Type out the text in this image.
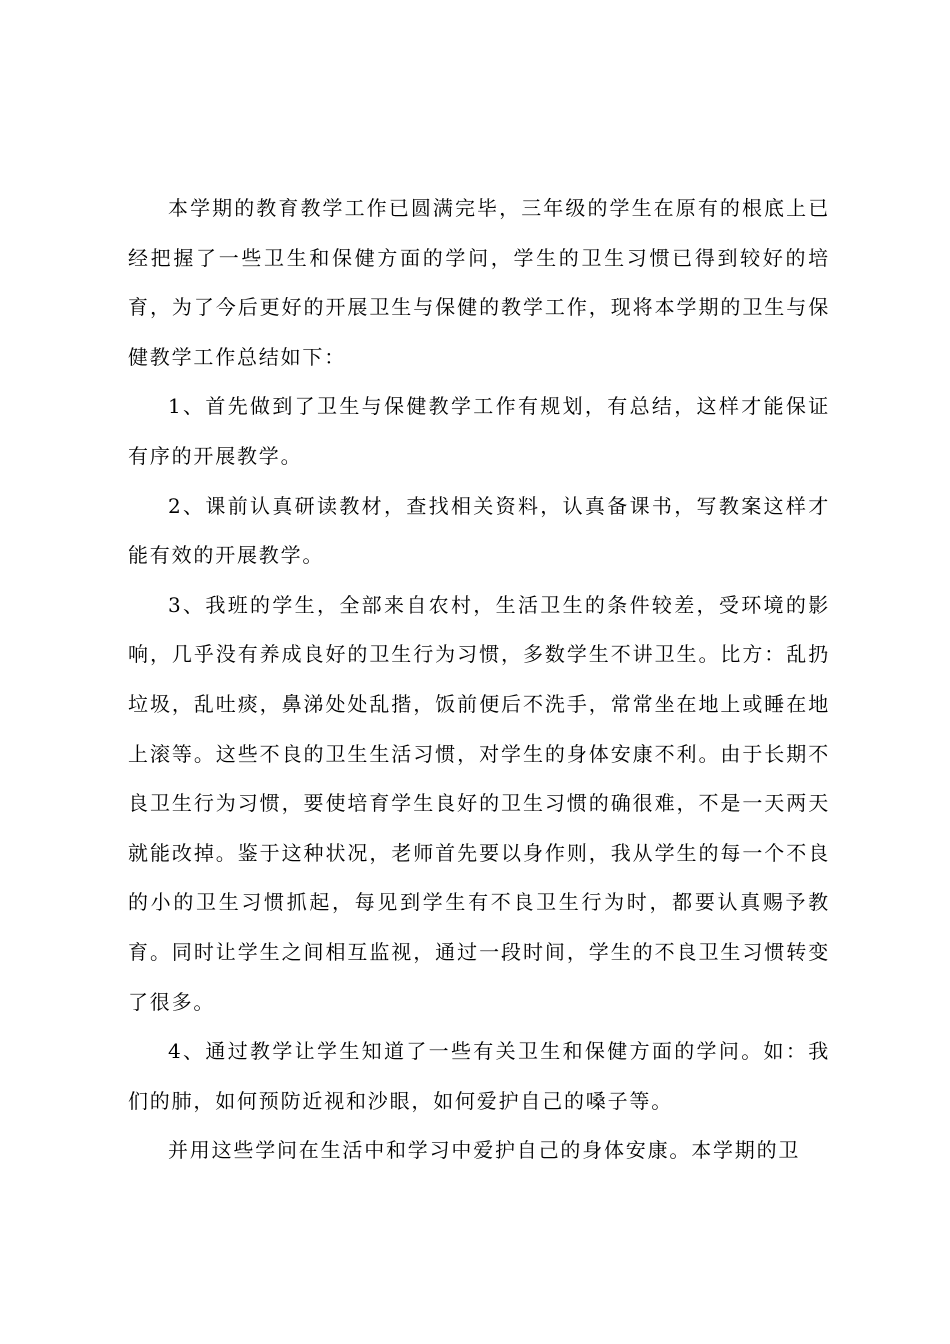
本学期的教育教学工作已圆满完毕，三年级的学生在原有的根底上已经把握了一些卫生和保健方面的学问，学生的卫生习惯已得到较好的培育，为了今后更好的开展卫生与保健的教学工作，现将本学期的卫生与保健教学工作总结如下：

1、首先做到了卫生与保健教学工作有规划，有总结，这样才能保证有序的开展教学。

2、课前认真研读教材，查找相关资料，认真备课书，写教案这样才能有效的开展教学。

3、我班的学生，全部来自农村，生活卫生的条件较差，受环境的影响，几乎没有养成良好的卫生行为习惯，多数学生不讲卫生。比方：乱扔垃圾，乱吐痰，鼻涕处处乱揩，饭前便后不洗手，常常坐在地上或睡在地上滚等。这些不良的卫生生活习惯，对学生的身体安康不利。由于长期不良卫生行为习惯，要使培育学生良好的卫生习惯的确很难，不是一天两天就能改掉。鉴于这种状况，老师首先要以身作则，我从学生的每一个不良的小的卫生习惯抓起，每见到学生有不良卫生行为时，都要认真赐予教育。同时让学生之间相互监视，通过一段时间，学生的不良卫生习惯转变了很多。

4、通过教学让学生知道了一些有关卫生和保健方面的学问。如：我们的肺，如何预防近视和沙眼，如何爱护自己的嗓子等。

并用这些学问在生活中和学习中爱护自己的身体安康。本学期的卫
